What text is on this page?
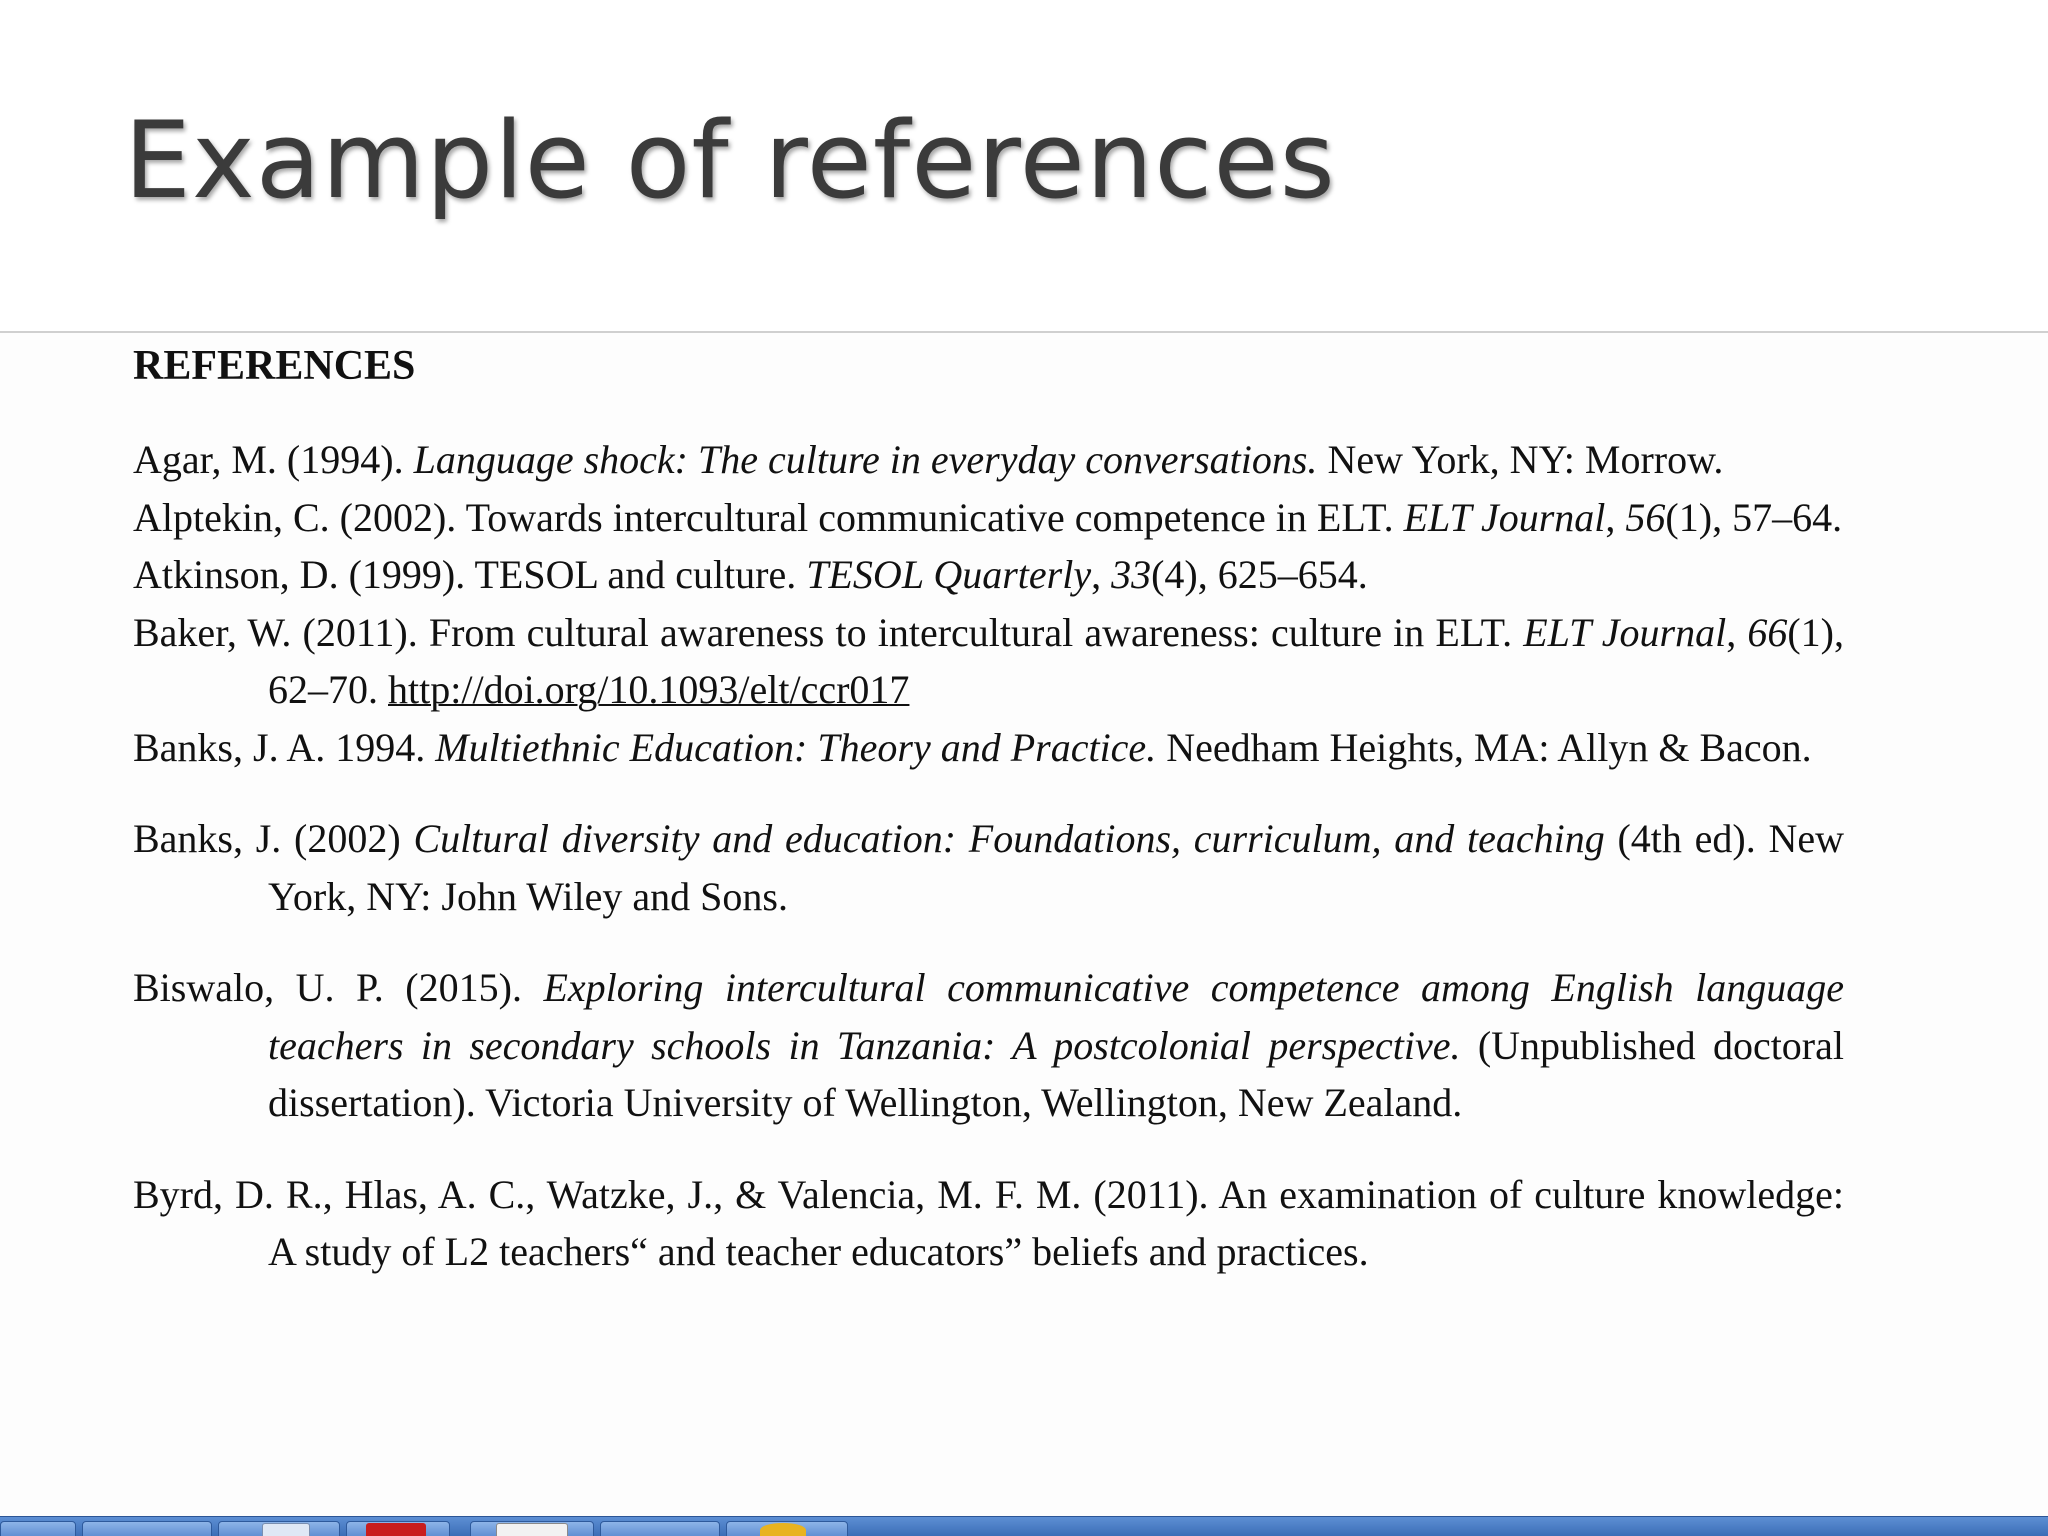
Example of references
REFERENCES
Agar, M. (1994). Language shock: The culture in everyday conversations. New York, NY: Morrow.
Alptekin, C. (2002). Towards intercultural communicative competence in ELT. ELT Journal, 56(1), 57–64.
Atkinson, D. (1999). TESOL and culture. TESOL Quarterly, 33(4), 625–654.
Baker, W. (2011). From cultural awareness to intercultural awareness: culture in ELT. ELT Journal, 66(1), 62–70. http://doi.org/10.1093/elt/ccr017
Banks, J. A. 1994. Multiethnic Education: Theory and Practice. Needham Heights, MA: Allyn & Bacon.
Banks, J. (2002) Cultural diversity and education: Foundations, curriculum, and teaching (4th ed). New York, NY: John Wiley and Sons.
Biswalo, U. P. (2015). Exploring intercultural communicative competence among English language teachers in secondary schools in Tanzania: A postcolonial perspective. (Unpublished doctoral dissertation). Victoria University of Wellington, Wellington, New Zealand.
Byrd, D. R., Hlas, A. C., Watzke, J., & Valencia, M. F. M. (2011). An examination of culture knowledge: A study of L2 teachers“ and teacher educators” beliefs and practices.
